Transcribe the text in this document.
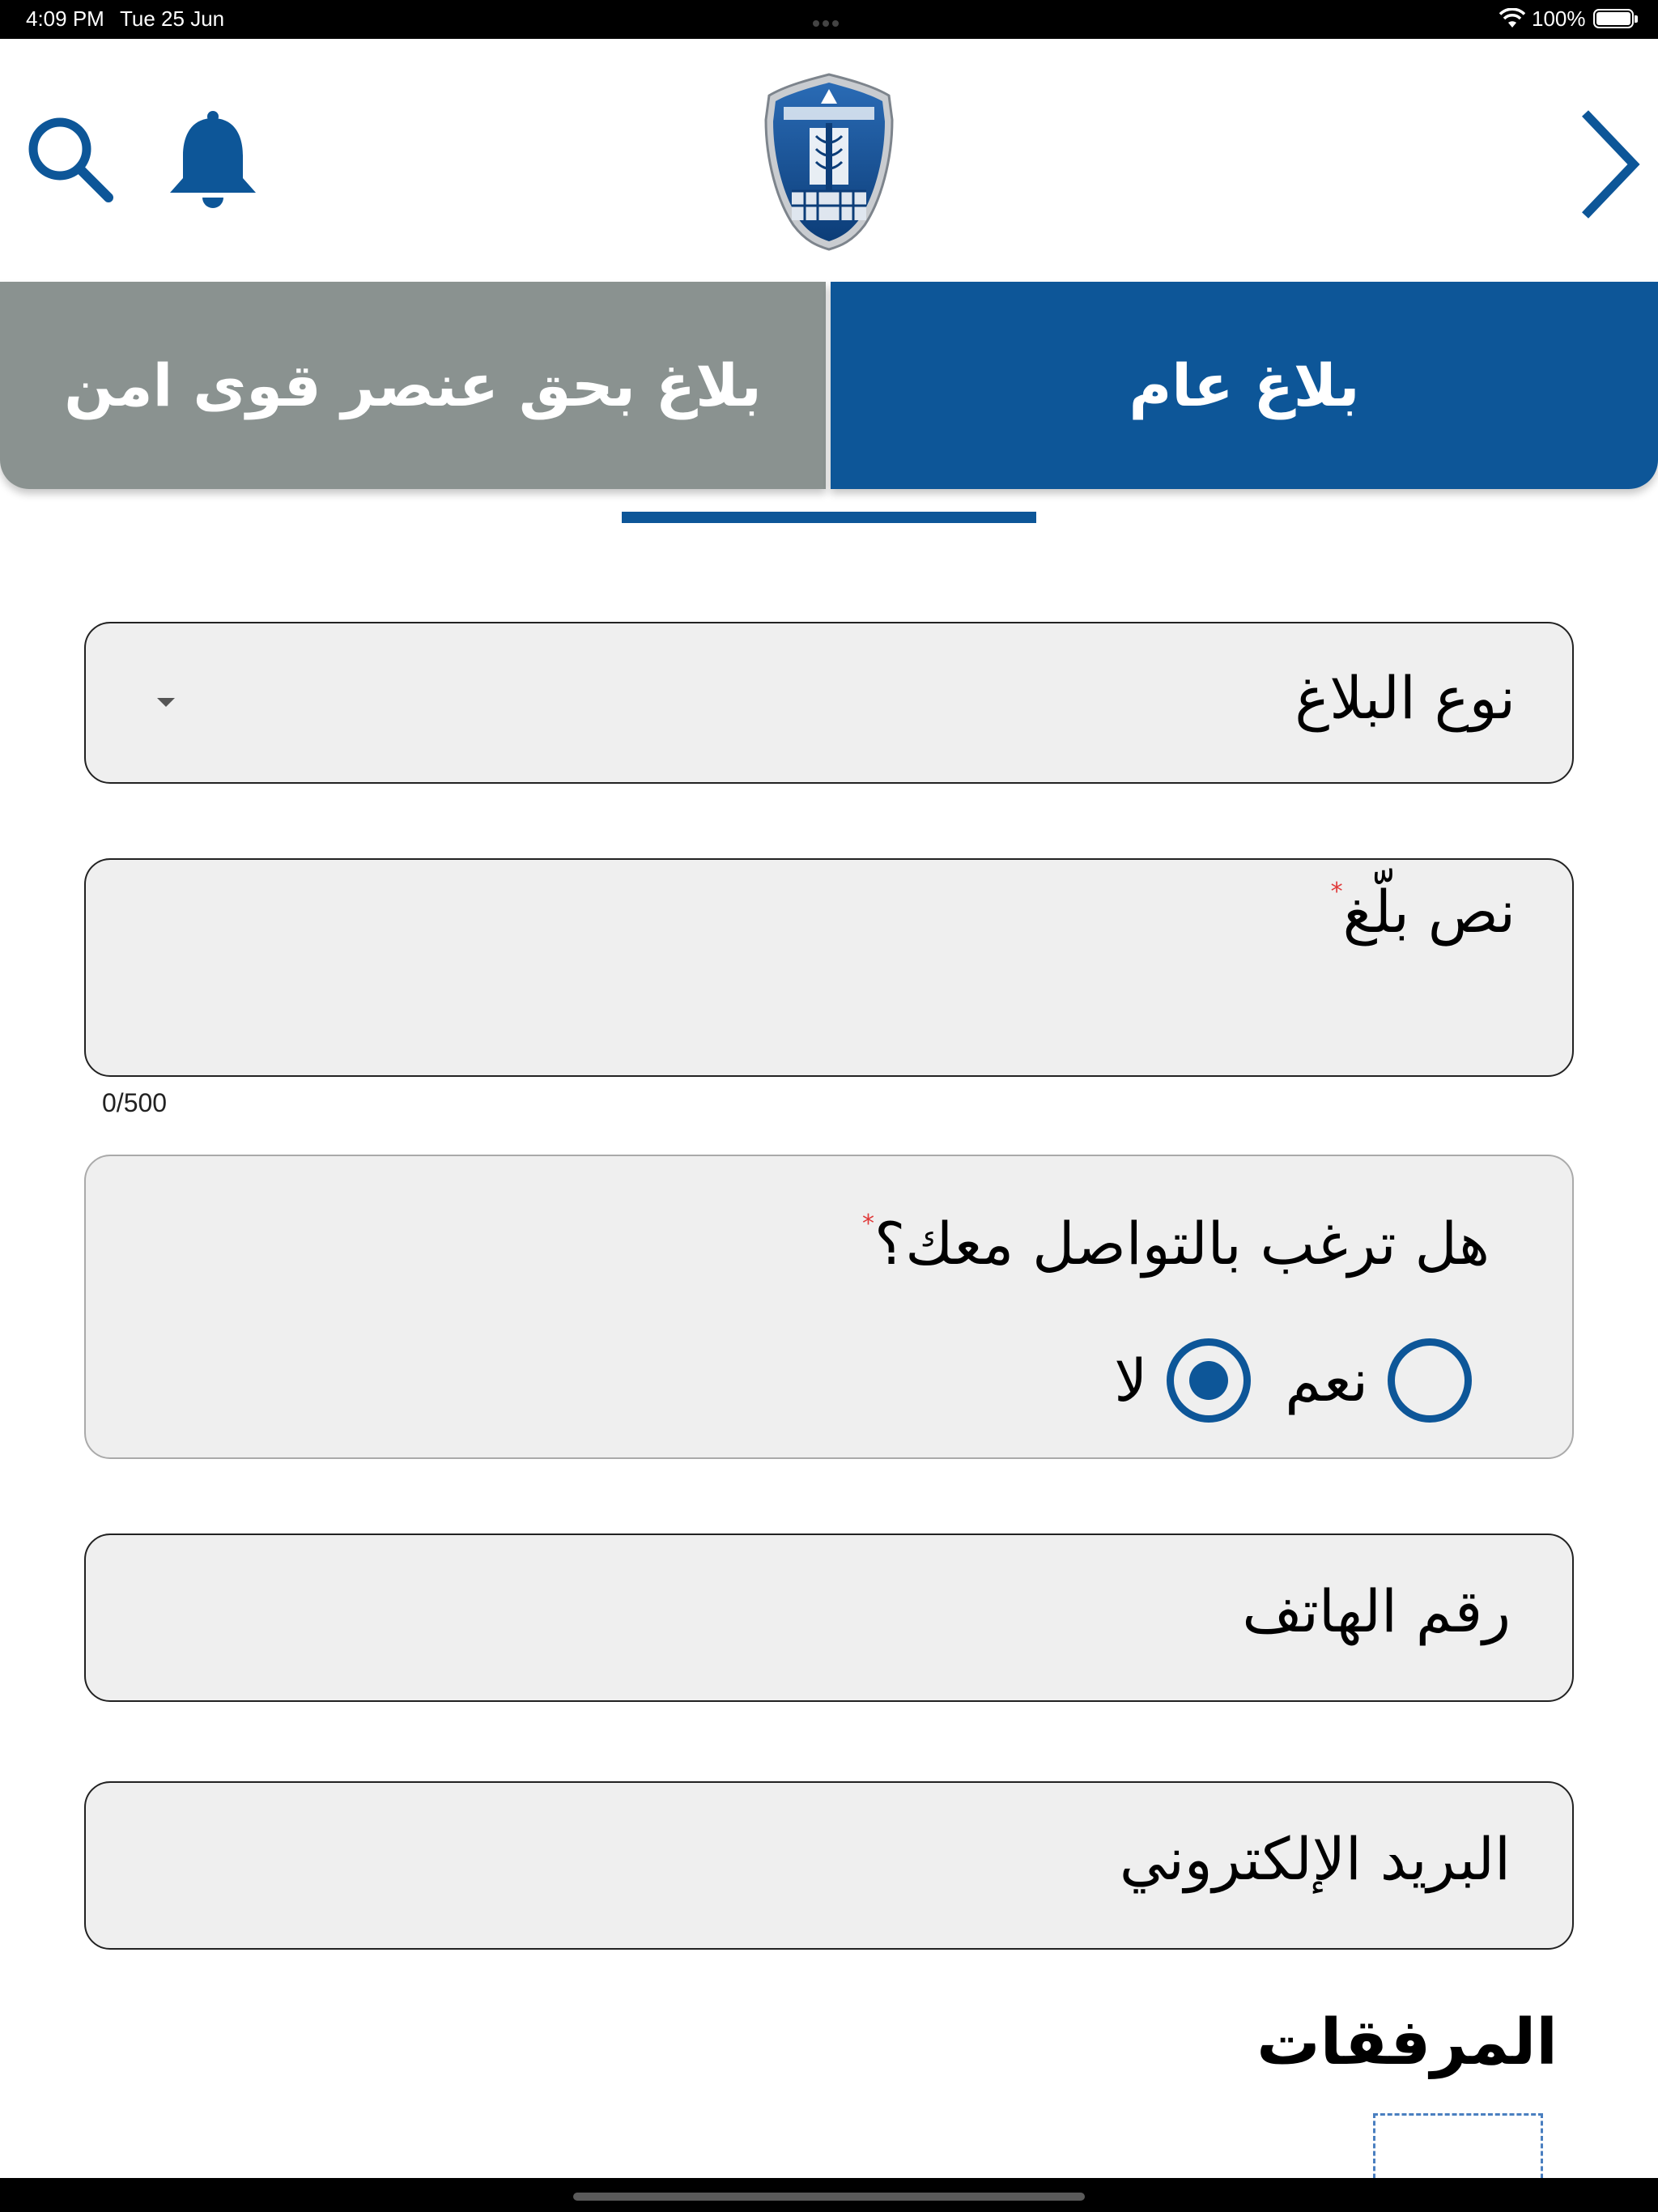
4:09 PM Tue 25 Jun	100%
بلاغ بحق عنصر قوى امن	بلاغ عام
نوع البلاغ
نص بلّغ*
0/500
هل ترغب بالتواصل معك؟*
نعم
لا
رقم الهاتف
البريد الإلكتروني
المرفقات
